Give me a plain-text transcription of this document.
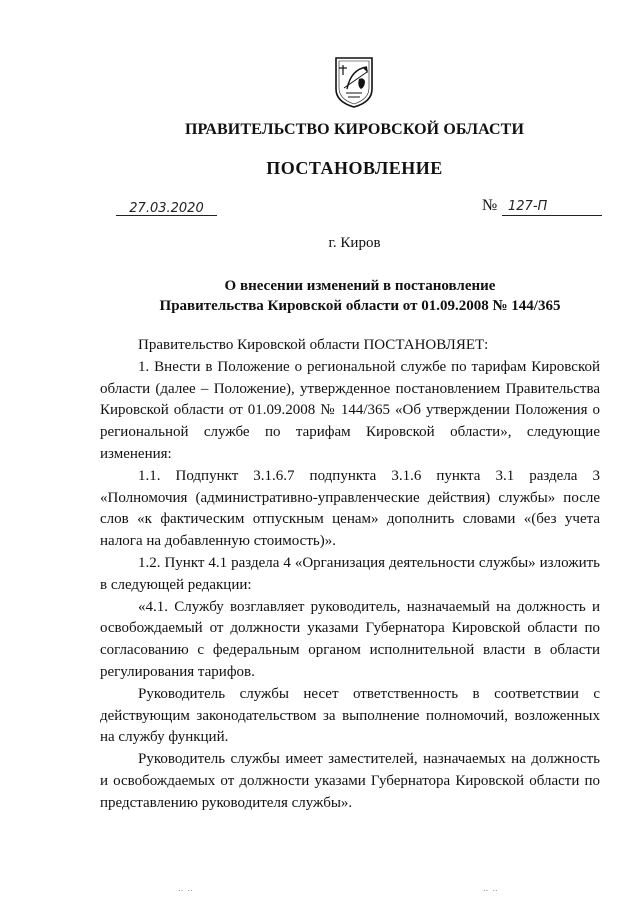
ПРАВИТЕЛЬСТВО КИРОВСКОЙ ОБЛАСТИ
ПОСТАНОВЛЕНИЕ
27.03.2020	№ 127-П
г. Киров
О внесении изменений в постановление
Правительства Кировской области от 01.09.2008 № 144/365

Правительство Кировской области ПОСТАНОВЛЯЕТ:

1. Внести в Положение о региональной службе по тарифам Кировской области (далее – Положение), утвержденное постановлением Правительства Кировской области от 01.09.2008 № 144/365 «Об утверждении Положения о региональной службе по тарифам Кировской области», следующие изменения:

1.1. Подпункт 3.1.6.7 подпункта 3.1.6 пункта 3.1 раздела 3 «Полномочия (административно-управленческие действия) службы» после слов «к фактическим отпускным ценам» дополнить словами «(без учета налога на добавленную стоимость)».

1.2. Пункт 4.1 раздела 4 «Организация деятельности службы» изложить в следующей редакции:

«4.1. Службу возглавляет руководитель, назначаемый на должность и освобождаемый от должности указами Губернатора Кировской области по согласованию с федеральным органом исполнительной власти в области регулирования тарифов.

Руководитель службы несет ответственность в соответствии с действующим законодательством за выполнение полномочий, возложенных на службу функций.

Руководитель службы имеет заместителей, назначаемых на должность и освобождаемых от должности указами Губернатора Кировской области по представлению руководителя службы».

‥ ‥	‥ ‥
